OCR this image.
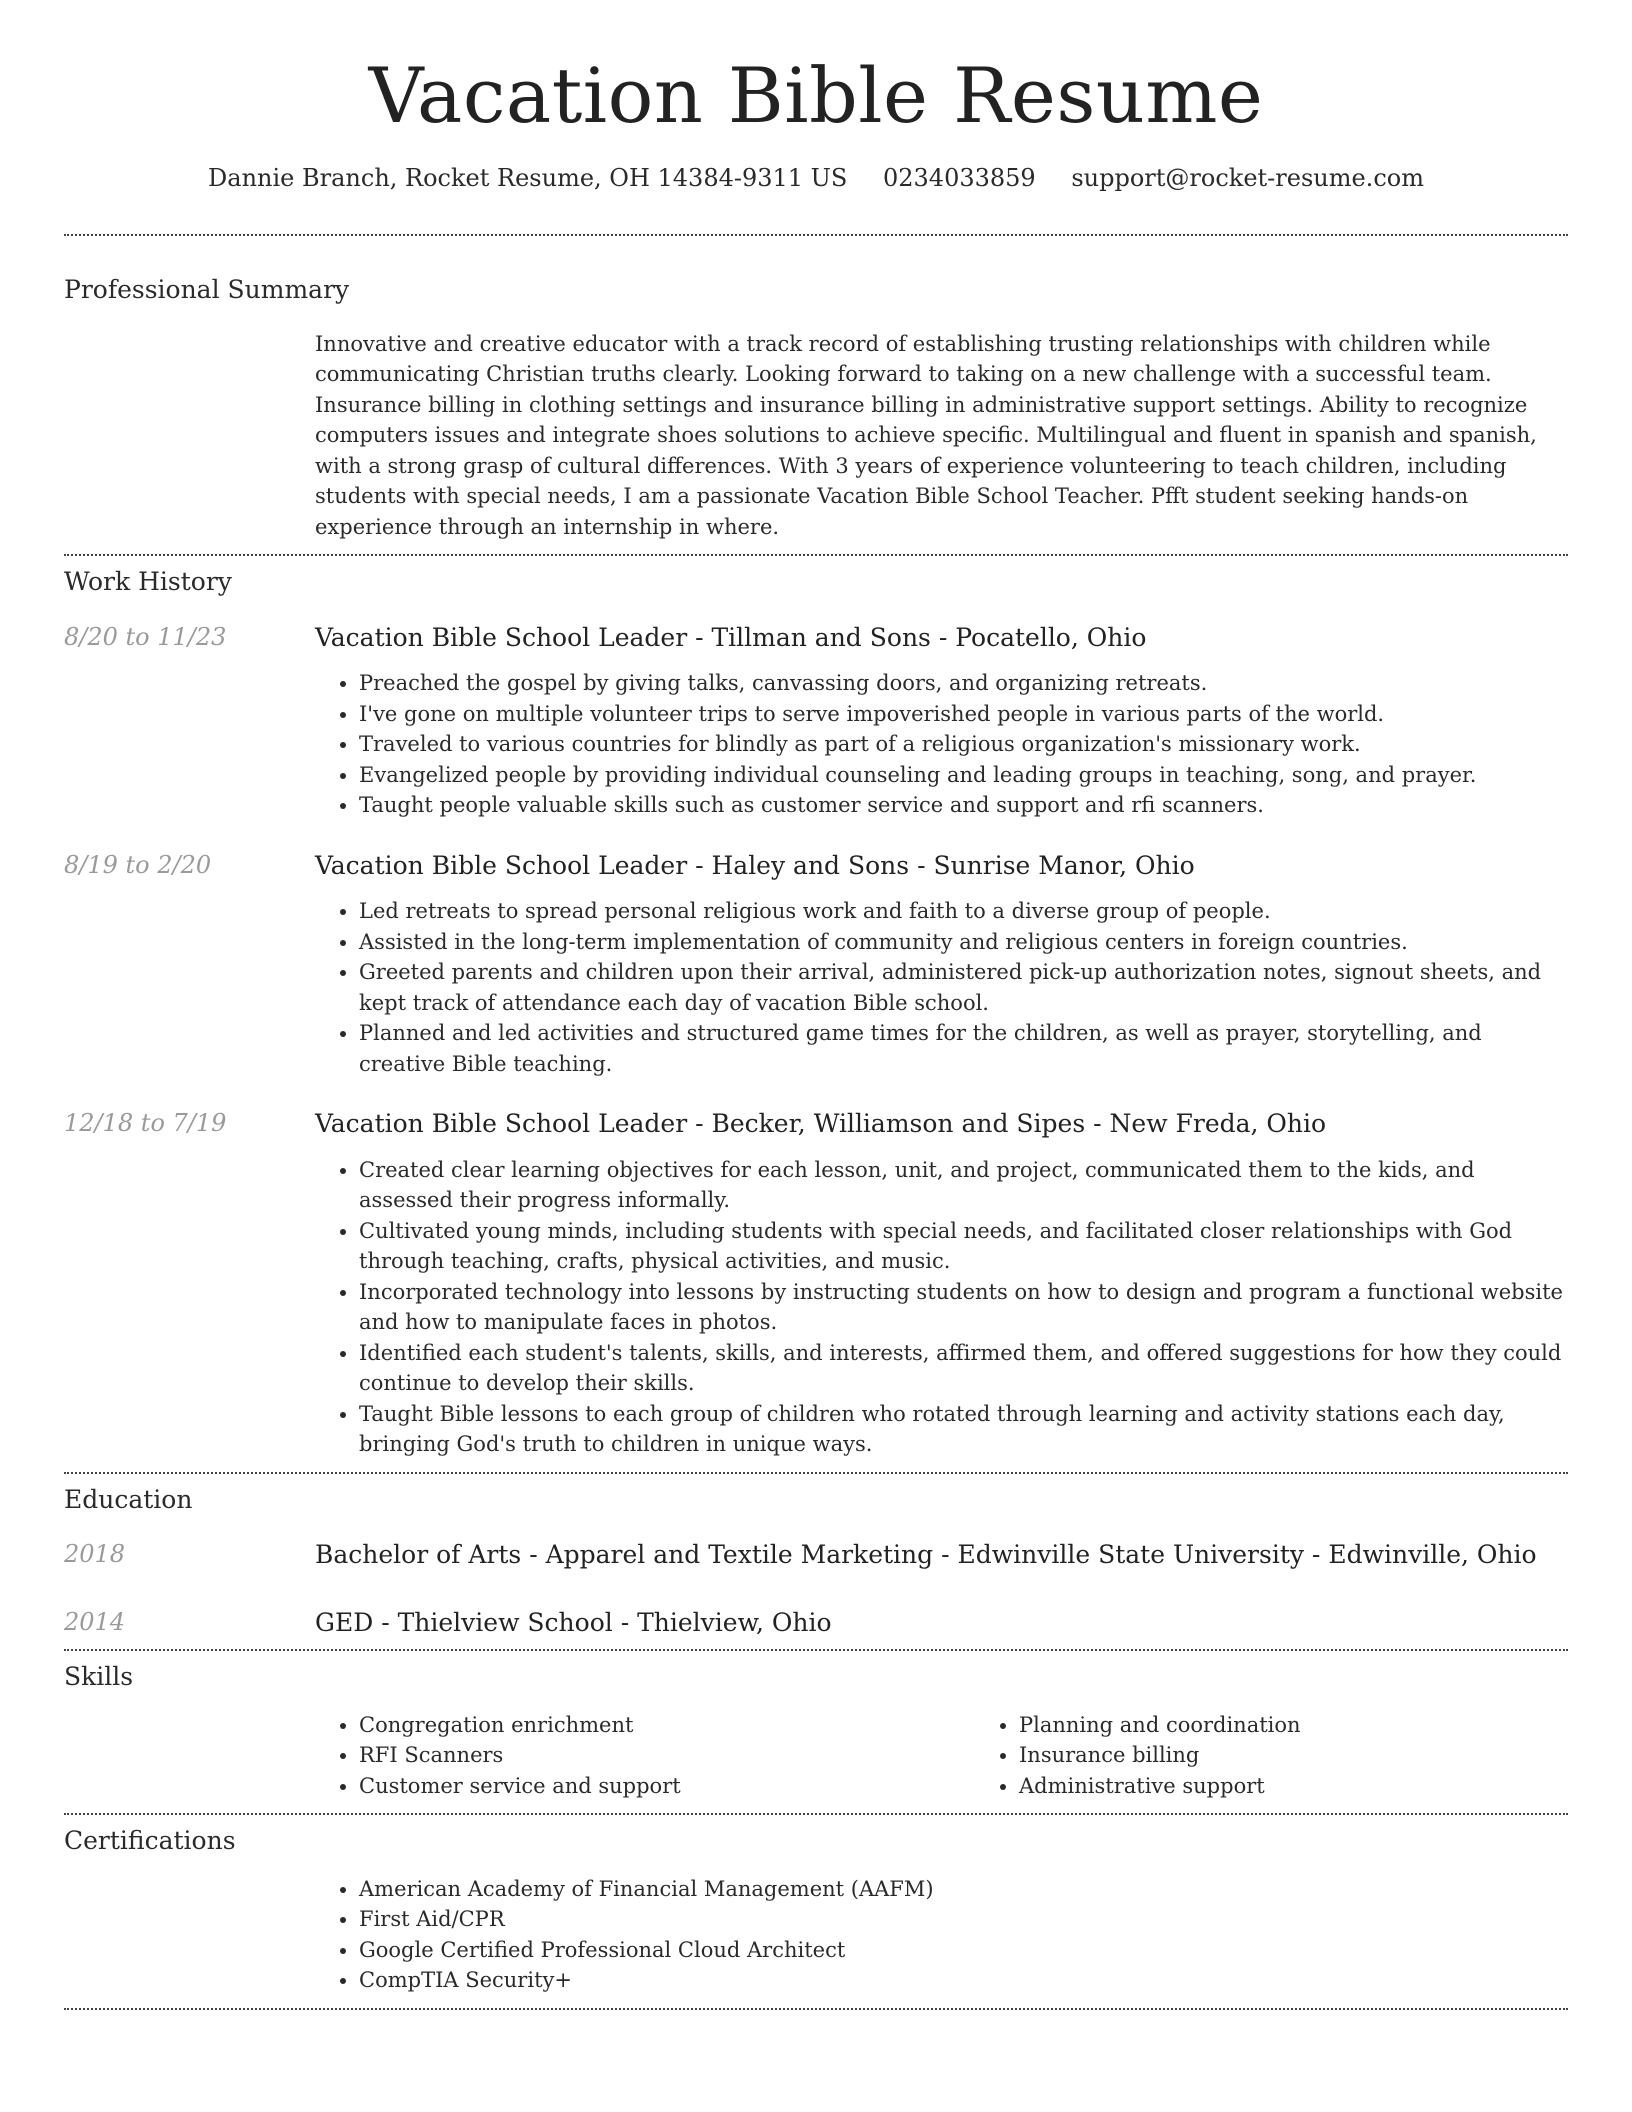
Vacation Bible Resume
Dannie Branch, Rocket Resume, OH 14384-9311 US 0234033859 support@rocket-resume.com
Professional Summary
Innovative and creative educator with a track record of establishing trusting relationships with children while communicating Christian truths clearly. Looking forward to taking on a new challenge with a successful team. Insurance billing in clothing settings and insurance billing in administrative support settings. Ability to recognize computers issues and integrate shoes solutions to achieve specific. Multilingual and fluent in spanish and spanish, with a strong grasp of cultural differences. With 3 years of experience volunteering to teach children, including students with special needs, I am a passionate Vacation Bible School Teacher. Pfft student seeking hands-on experience through an internship in where.
Work History
8/20 to 11/23	Vacation Bible School Leader - Tillman and Sons - Pocatello, Ohio
• Preached the gospel by giving talks, canvassing doors, and organizing retreats.
• I've gone on multiple volunteer trips to serve impoverished people in various parts of the world.
• Traveled to various countries for blindly as part of a religious organization's missionary work.
• Evangelized people by providing individual counseling and leading groups in teaching, song, and prayer.
• Taught people valuable skills such as customer service and support and rfi scanners.
8/19 to 2/20	Vacation Bible School Leader - Haley and Sons - Sunrise Manor, Ohio
• Led retreats to spread personal religious work and faith to a diverse group of people.
• Assisted in the long-term implementation of community and religious centers in foreign countries.
• Greeted parents and children upon their arrival, administered pick-up authorization notes, signout sheets, and kept track of attendance each day of vacation Bible school.
• Planned and led activities and structured game times for the children, as well as prayer, storytelling, and creative Bible teaching.
12/18 to 7/19	Vacation Bible School Leader - Becker, Williamson and Sipes - New Freda, Ohio
• Created clear learning objectives for each lesson, unit, and project, communicated them to the kids, and assessed their progress informally.
• Cultivated young minds, including students with special needs, and facilitated closer relationships with God through teaching, crafts, physical activities, and music.
• Incorporated technology into lessons by instructing students on how to design and program a functional website and how to manipulate faces in photos.
• Identified each student's talents, skills, and interests, affirmed them, and offered suggestions for how they could continue to develop their skills.
• Taught Bible lessons to each group of children who rotated through learning and activity stations each day, bringing God's truth to children in unique ways.
Education
2018	Bachelor of Arts - Apparel and Textile Marketing - Edwinville State University - Edwinville, Ohio
2014	GED - Thielview School - Thielview, Ohio
Skills
• Congregation enrichment
• RFI Scanners
• Customer service and support
• Planning and coordination
• Insurance billing
• Administrative support
Certifications
• American Academy of Financial Management (AAFM)
• First Aid/CPR
• Google Certified Professional Cloud Architect
• CompTIA Security+
